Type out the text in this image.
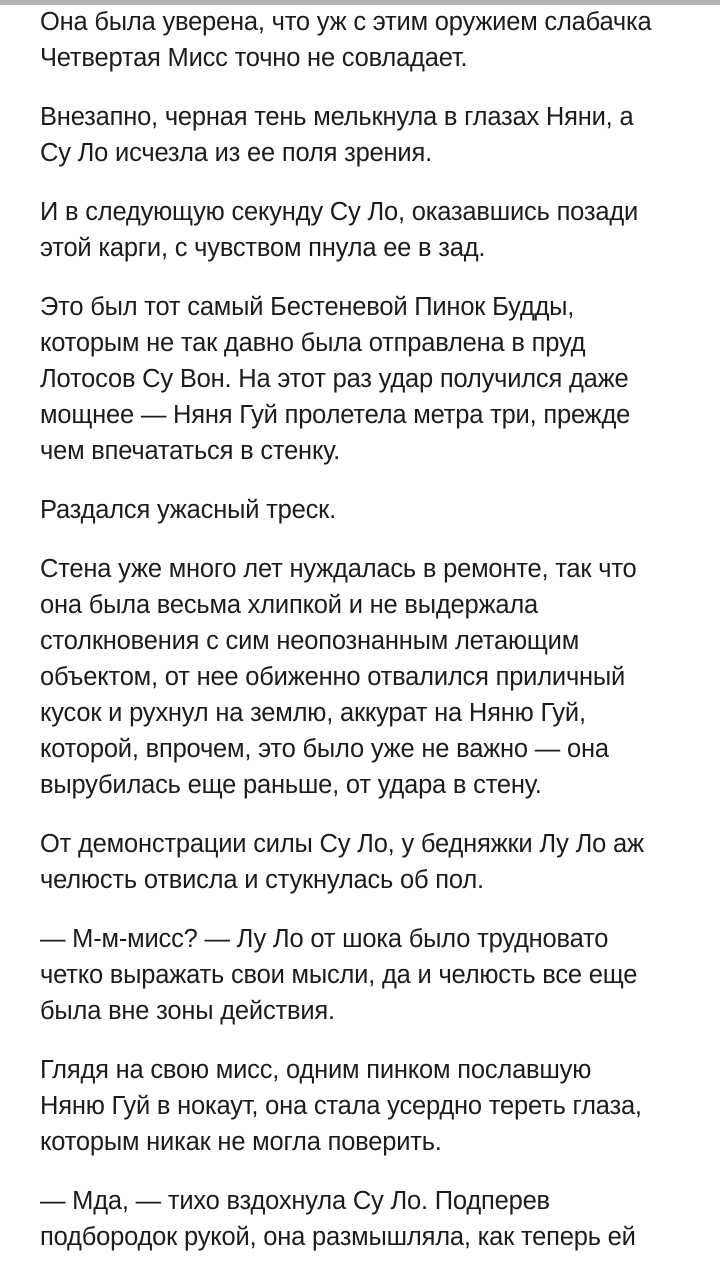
Она была уверена, что уж с этим оружием слабачка
Четвертая Мисс точно не совладает.

Внезапно, черная тень мелькнула в глазах Няни, а
Су Ло исчезла из ее поля зрения.

И в следующую секунду Су Ло, оказавшись позади
этой карги, с чувством пнула ее в зад.

Это был тот самый Бестеневой Пинок Будды,
которым не так давно была отправлена в пруд
Лотосов Су Вон. На этот раз удар получился даже
мощнее — Няня Гуй пролетела метра три, прежде
чем впечататься в стенку.

Раздался ужасный треск.

Стена уже много лет нуждалась в ремонте, так что
она была весьма хлипкой и не выдержала
столкновения с сим неопознанным летающим
объектом, от нее обиженно отвалился приличный
кусок и рухнул на землю, аккурат на Няню Гуй,
которой, впрочем, это было уже не важно — она
вырубилась еще раньше, от удара в стену.

От демонстрации силы Су Ло, у бедняжки Лу Ло аж
челюсть отвисла и стукнулась об пол.

— М-м-мисс? — Лу Ло от шока было трудновато
четко выражать свои мысли, да и челюсть все еще
была вне зоны действия.

Глядя на свою мисс, одним пинком пославшую
Няню Гуй в нокаут, она стала усердно тереть глаза,
которым никак не могла поверить.

— Мда, — тихо вздохнула Су Ло. Подперев
подбородок рукой, она размышляла, как теперь ей
